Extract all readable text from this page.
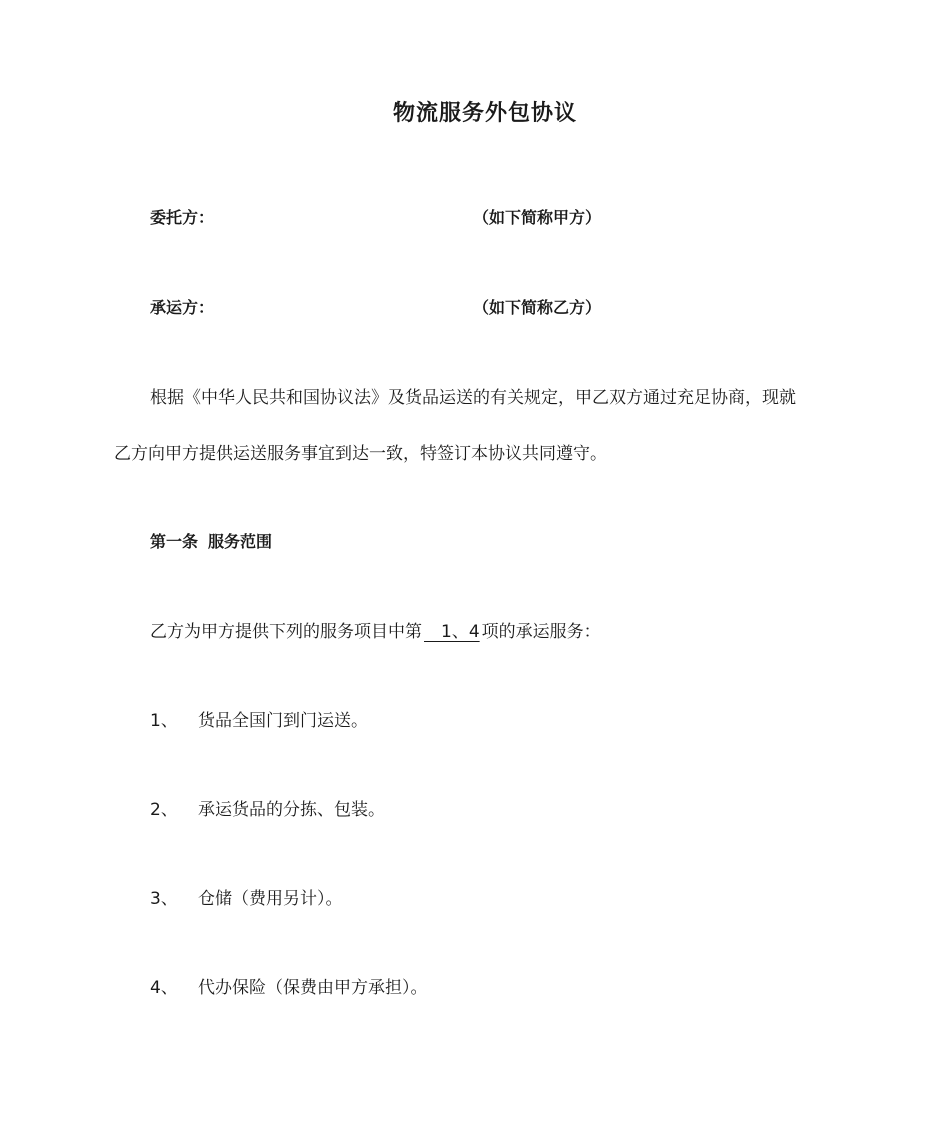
物流服务外包协议
委托方：	（如下简称甲方）
承运方：	（如下简称乙方）
根据《中华人民共和国协议法》及货品运送的有关规定，甲乙双方通过充足协商，现就
乙方向甲方提供运送服务事宜到达一致，特签订本协议共同遵守。
第一条 服务范围
乙方为甲方提供下列的服务项目中第　1、4 项的承运服务：
1、 货品全国门到门运送。
2、 承运货品的分拣、包装。
3、 仓储（费用另计）。
4、 代办保险（保费由甲方承担）。
